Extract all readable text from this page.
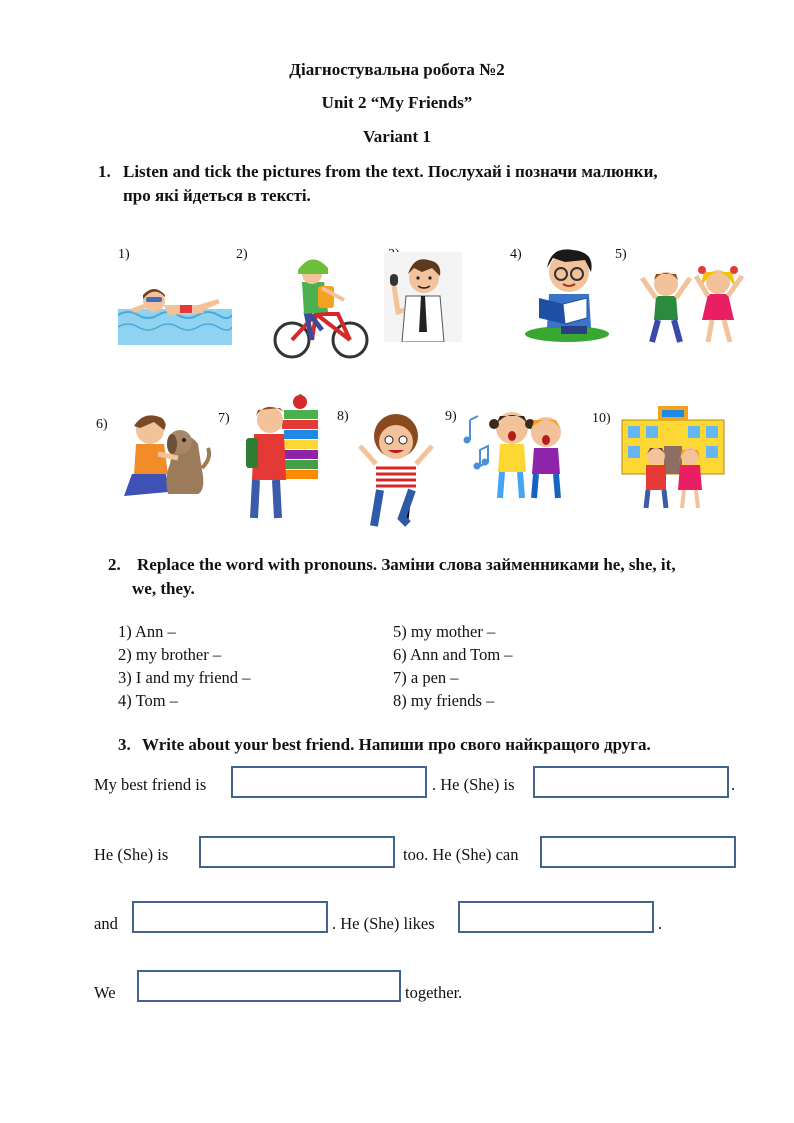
Діагностувальна робота №2
Unit 2 “My Friends”
Variant 1
1. Listen and tick the pictures from the text. Послухай і позначи малюнки,
про які йдеться в тексті.
1)	2)	4)	5)
6)	7)	8)	9)	10)
2. Replace the word with pronouns. Заміни слова займенниками he, she, it,
we, they.
1) Ann –
2) my brother –
3) I and my friend –
4) Tom –
5) my mother –
6) Ann and Tom –
7) a pen –
8) my friends –
3. Write about your best friend. Напиши про свого найкращого друга.
My best friend is	. He (She) is	.
He (She) is	too. He (She) can
and	. He (She) likes	.
We	together.
